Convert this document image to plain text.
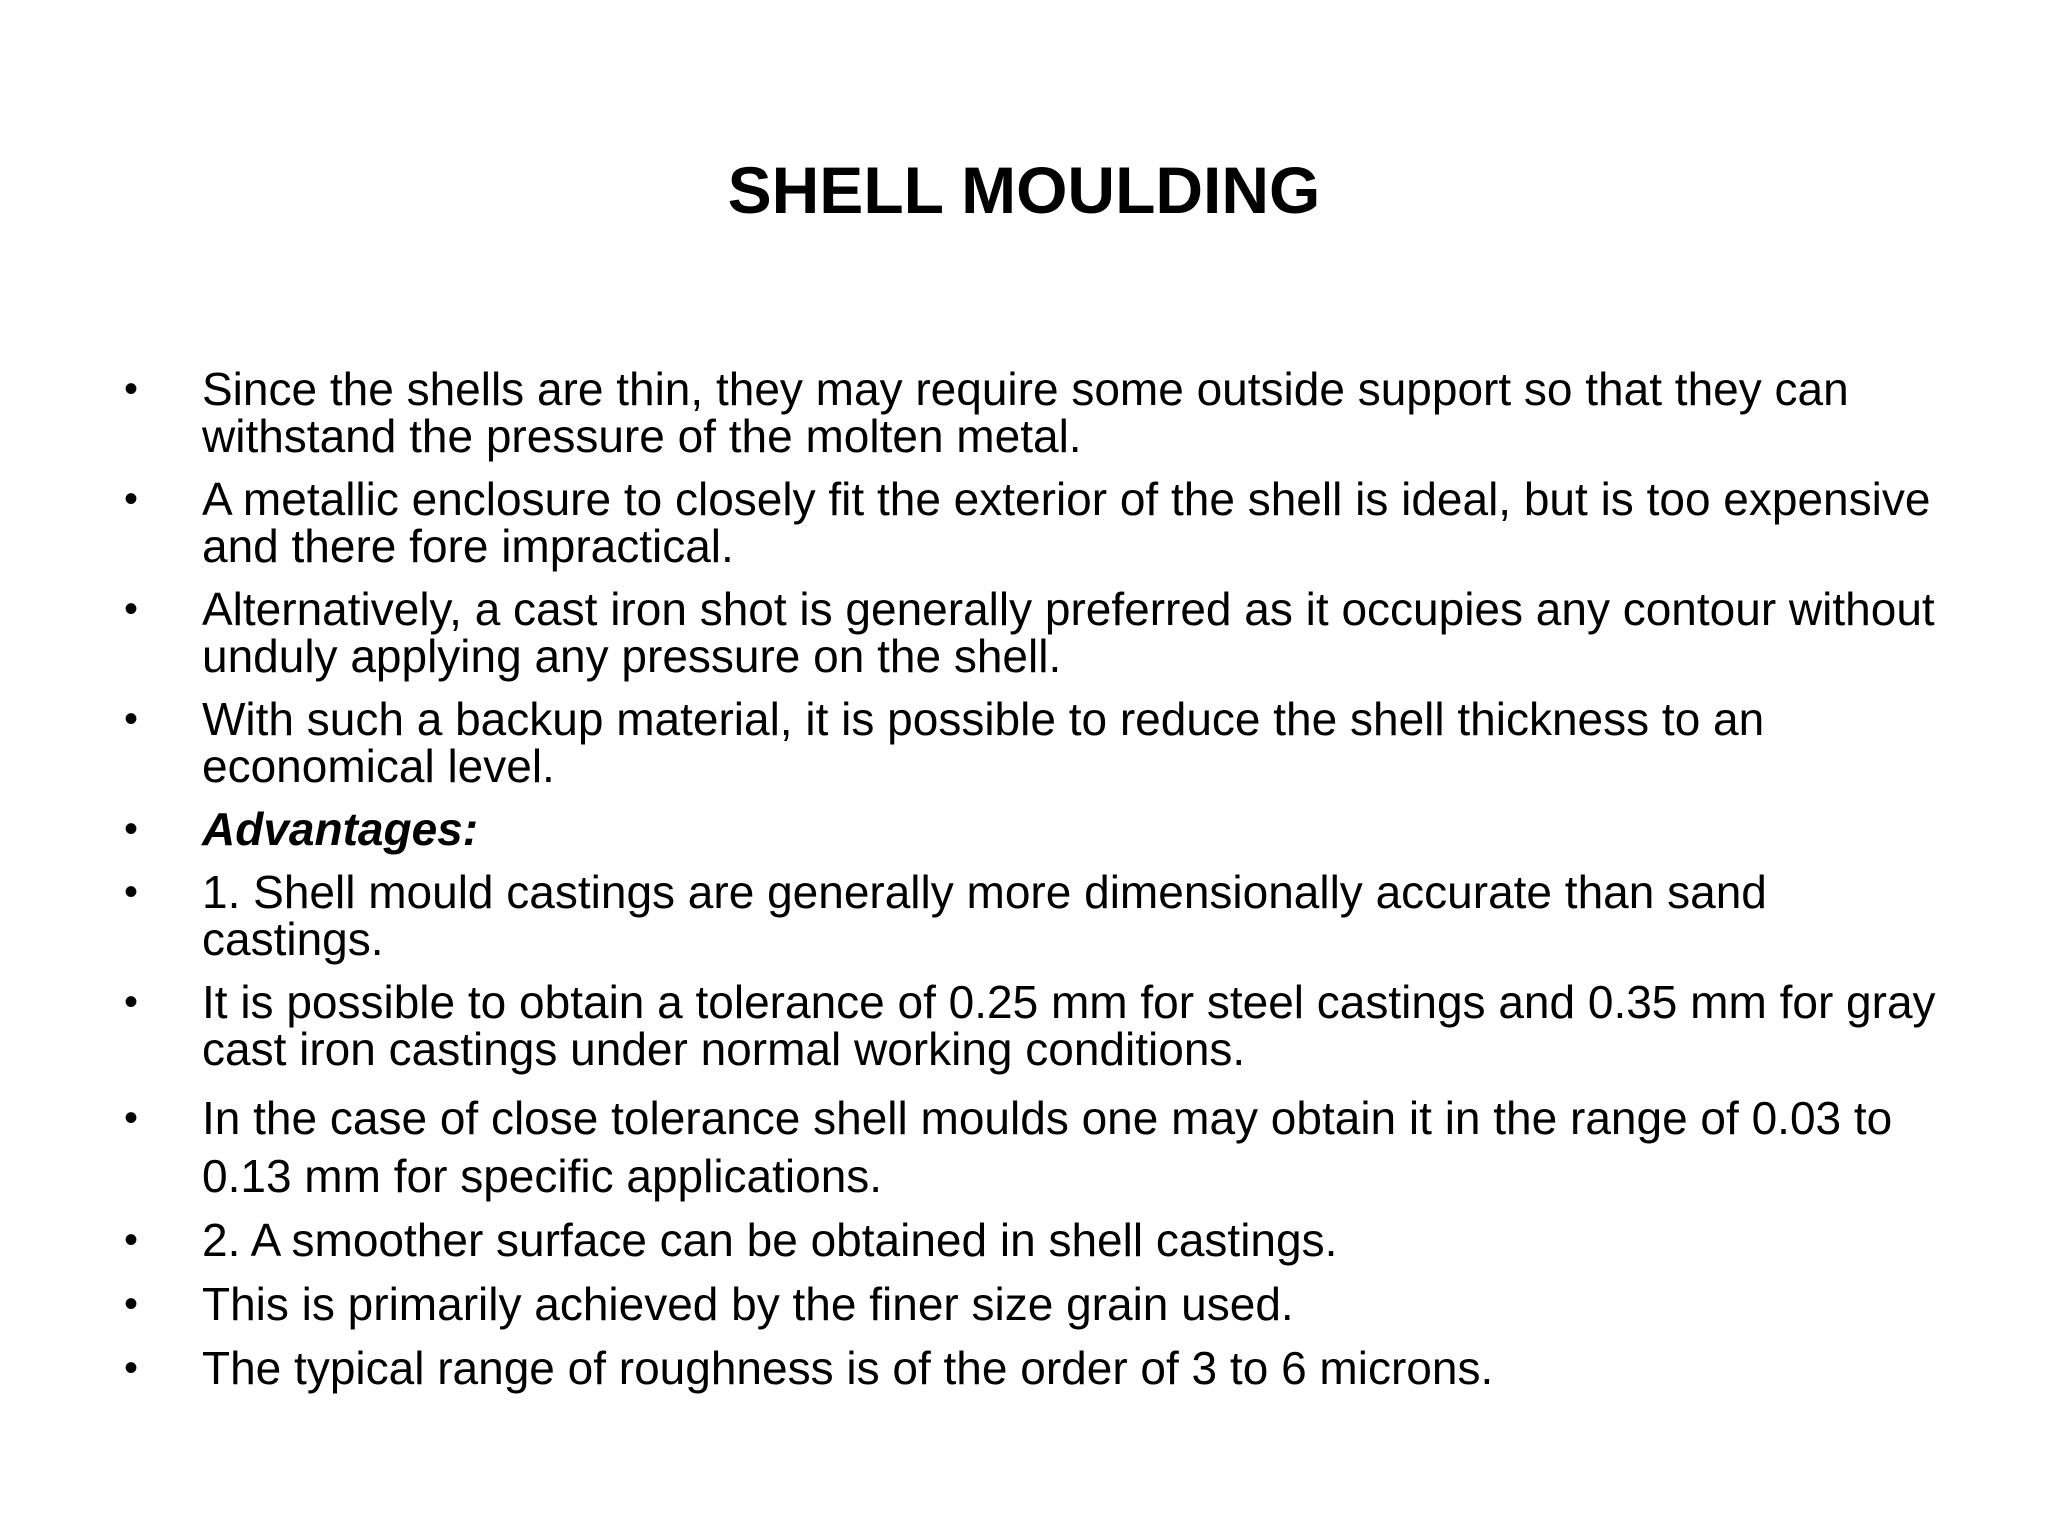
SHELL MOULDING
• Since the shells are thin, they may require some outside support so that they can withstand the pressure of the molten metal.
• A metallic enclosure to closely fit the exterior of the shell is ideal, but is too expensive and there fore impractical.
• Alternatively, a cast iron shot is generally preferred as it occupies any contour without unduly applying any pressure on the shell.
• With such a backup material, it is possible to reduce the shell thickness to an economical level.
• Advantages:
• 1. Shell mould castings are generally more dimensionally accurate than sand castings.
• It is possible to obtain a tolerance of 0.25 mm for steel castings and 0.35 mm for gray cast iron castings under normal working conditions.
• In the case of close tolerance shell moulds one may obtain it in the range of 0.03 to 0.13 mm for specific applications.
• 2. A smoother surface can be obtained in shell castings.
• This is primarily achieved by the finer size grain used.
• The typical range of roughness is of the order of 3 to 6 microns.
